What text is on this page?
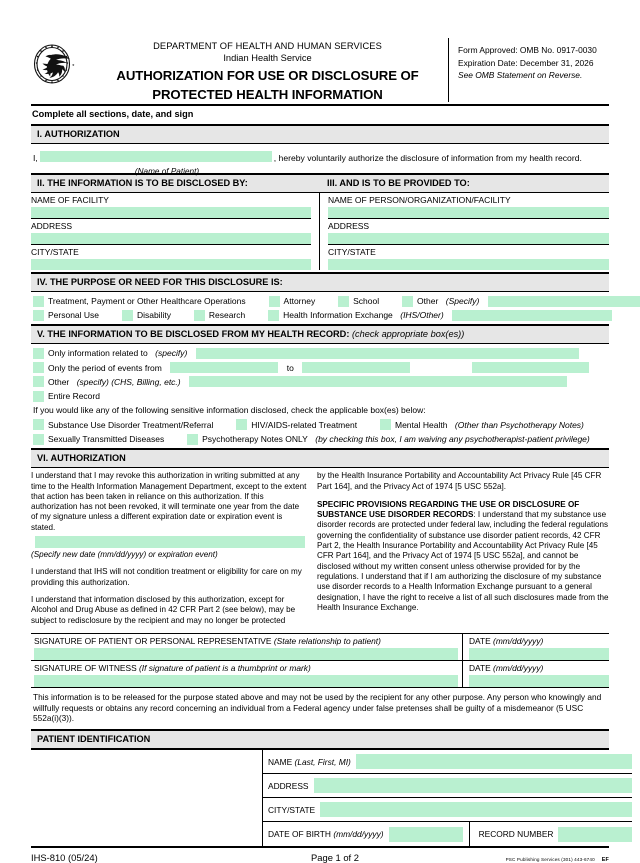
DEPARTMENT OF HEALTH AND HUMAN SERVICES
Indian Health Service
AUTHORIZATION FOR USE OR DISCLOSURE OF
PROTECTED HEALTH INFORMATION
Form Approved: OMB No. 0917-0030
Expiration Date: December 31, 2026
See OMB Statement on Reverse.
Complete all sections, date, and sign
I. AUTHORIZATION
I,	, hereby voluntarily authorize the disclosure of information from my health record.
(Name of Patient)
II. THE INFORMATION IS TO BE DISCLOSED BY:	III. AND IS TO BE PROVIDED TO:
NAME OF FACILITY
ADDRESS
CITY/STATE
NAME OF PERSON/ORGANIZATION/FACILITY
ADDRESS
CITY/STATE
IV. THE PURPOSE OR NEED FOR THIS DISCLOSURE IS:
Treatment, Payment or Other Healthcare Operations	Attorney	School	Other (Specify)
Personal Use	Disability	Research	Health Information Exchange (IHS/Other)
V. THE INFORMATION TO BE DISCLOSED FROM MY HEALTH RECORD: (check appropriate box(es))
Only information related to (specify)
Only the period of events from	to
Other (specify) (CHS, Billing, etc.)
Entire Record
If you would like any of the following sensitive information disclosed, check the applicable box(es) below:
Substance Use Disorder Treatment/Referral	HIV/AIDS-related Treatment	Mental Health (Other than Psychotherapy Notes)
Sexually Transmitted Diseases	Psychotherapy Notes ONLY (by checking this box, I am waiving any psychotherapist-patient privilege)
VI. AUTHORIZATION

I understand that I may revoke this authorization in writing submitted at any time to the Health Information Management Department, except to the extent that action has been taken in reliance on this authorization. If this authorization has not been revoked, it will terminate one year from the date of my signature unless a different expiration date or expiration event is stated.

(Specify new date (mm/dd/yyyy) or expiration event)

I understand that IHS will not condition treatment or eligibility for care on my providing this authorization.

I understand that information disclosed by this authorization, except for Alcohol and Drug Abuse as defined in 42 CFR Part 2 (see below), may be subject to redisclosure by the recipient and may no longer be protected

by the Health Insurance Portability and Accountability Act Privacy Rule [45 CFR Part 164], and the Privacy Act of 1974 [5 USC 552a].

SPECIFIC PROVISIONS REGARDING THE USE OR DISCLOSURE OF SUBSTANCE USE DISORDER RECORDS: I understand that my substance use disorder records are protected under federal law, including the federal regulations governing the confidentiality of substance use disorder patient records, 42 CFR Part 2, the Health Insurance Portability and Accountability Act Privacy Rule [45 CFR Part 164], and the Privacy Act of 1974 [5 USC 552a], and cannot be disclosed without my written consent unless otherwise provided for by the regulations. I understand that if I am authorizing the disclosure of my substance use disorder records to a Health Information Exchange pursuant to a general designation, I have the right to receive a list of all such disclosures made from the Health Insurance Exchange.

SIGNATURE OF PATIENT OR PERSONAL REPRESENTATIVE (State relationship to patient)	DATE (mm/dd/yyyy)
SIGNATURE OF WITNESS (If signature of patient is a thumbprint or mark)	DATE (mm/dd/yyyy)
This information is to be released for the purpose stated above and may not be used by the recipient for any other purpose. Any person who knowingly and willfully requests or obtains any record concerning an individual from a Federal agency under false pretenses shall be guilty of a misdemeanor (5 USC 552a(i)(3)).
PATIENT IDENTIFICATION
NAME (Last, First, MI)
ADDRESS
CITY/STATE
DATE OF BIRTH (mm/dd/yyyy)	RECORD NUMBER
IHS-810 (05/24)	Page 1 of 2	PSC Publishing Services (301) 443-6740 EF
